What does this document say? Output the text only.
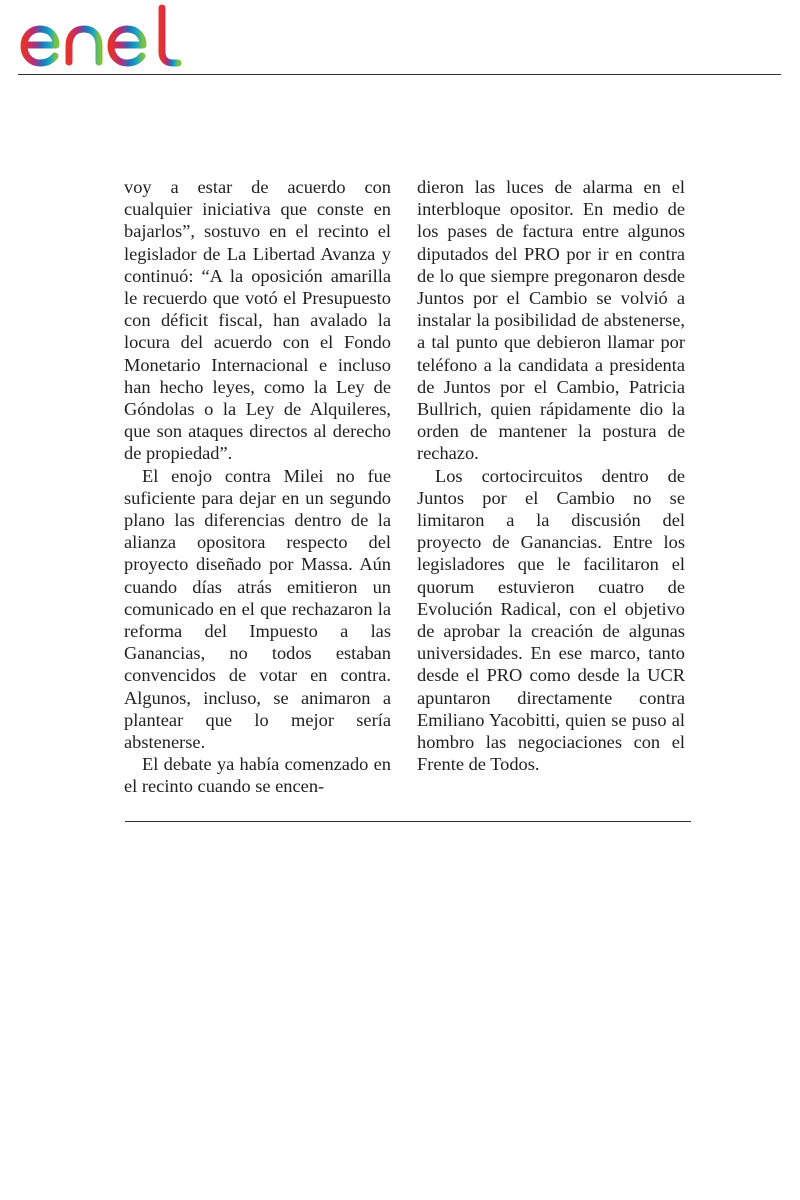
voy a estar de acuerdo con cualquier iniciativa que conste en bajarlos”, sostuvo en el recinto el legislador de La Libertad Avanza y continuó: “A la oposición amarilla le recuerdo que votó el Presupuesto con déficit fiscal, han avalado la locura del acuerdo con el Fondo Monetario Internacional e incluso han hecho leyes, como la Ley de Góndolas o la Ley de Alquileres, que son ataques directos al derecho de propiedad”.

El enojo contra Milei no fue suficiente para dejar en un segundo plano las diferencias dentro de la alianza opositora respecto del proyecto diseñado por Massa. Aún cuando días atrás emitieron un comunicado en el que rechazaron la reforma del Impuesto a las Ganancias, no todos estaban convencidos de votar en contra. Algunos, incluso, se animaron a plantear que lo mejor sería abstenerse.

El debate ya había comenzado en el recinto cuando se encen-

dieron las luces de alarma en el interbloque opositor. En medio de los pases de factura entre algunos diputados del PRO por ir en contra de lo que siempre pregonaron desde Juntos por el Cambio se volvió a instalar la posibilidad de abstenerse, a tal punto que debieron llamar por teléfono a la candidata a presidenta de Juntos por el Cambio, Patricia Bullrich, quien rápidamente dio la orden de mantener la postura de rechazo.

Los cortocircuitos dentro de Juntos por el Cambio no se limitaron a la discusión del proyecto de Ganancias. Entre los legisladores que le facilitaron el quorum estuvieron cuatro de Evolución Radical, con el objetivo de aprobar la creación de algunas universidades. En ese marco, tanto desde el PRO como desde la UCR apuntaron directamente contra Emiliano Yacobitti, quien se puso al hombro las negociaciones con el Frente de Todos.
